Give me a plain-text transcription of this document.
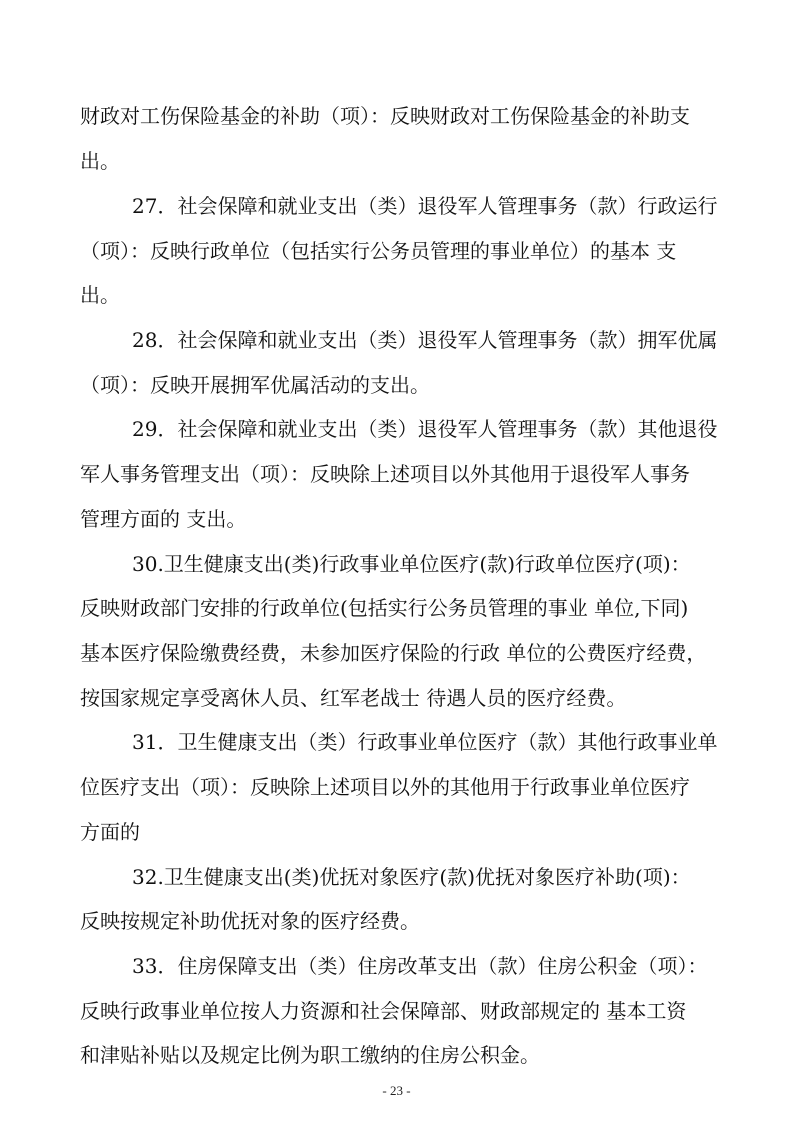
财政对工伤保险基金的补助（项）：反映财政对工伤保险基金的补助支
出。
27．社会保障和就业支出（类）退役军人管理事务（款）行政运行
（项）：反映行政单位（包括实行公务员管理的事业单位）的基本 支
出。
28．社会保障和就业支出（类）退役军人管理事务（款）拥军优属
（项）：反映开展拥军优属活动的支出。
29．社会保障和就业支出（类）退役军人管理事务（款）其他退役
军人事务管理支出（项）：反映除上述项目以外其他用于退役军人事务
管理方面的 支出。
30.卫生健康支出(类)行政事业单位医疗(款)行政单位医疗(项)：
反映财政部门安排的行政单位(包括实行公务员管理的事业 单位,下同)
基本医疗保险缴费经费，未参加医疗保险的行政 单位的公费医疗经费，
按国家规定享受离休人员、红军老战士 待遇人员的医疗经费。
31．卫生健康支出（类）行政事业单位医疗（款）其他行政事业单
位医疗支出（项）：反映除上述项目以外的其他用于行政事业单位医疗
方面的
32.卫生健康支出(类)优抚对象医疗(款)优抚对象医疗补助(项)：
反映按规定补助优抚对象的医疗经费。
33．住房保障支出（类）住房改革支出（款）住房公积金（项）：
反映行政事业单位按人力资源和社会保障部、财政部规定的 基本工资
和津贴补贴以及规定比例为职工缴纳的住房公积金。
- 23 -
